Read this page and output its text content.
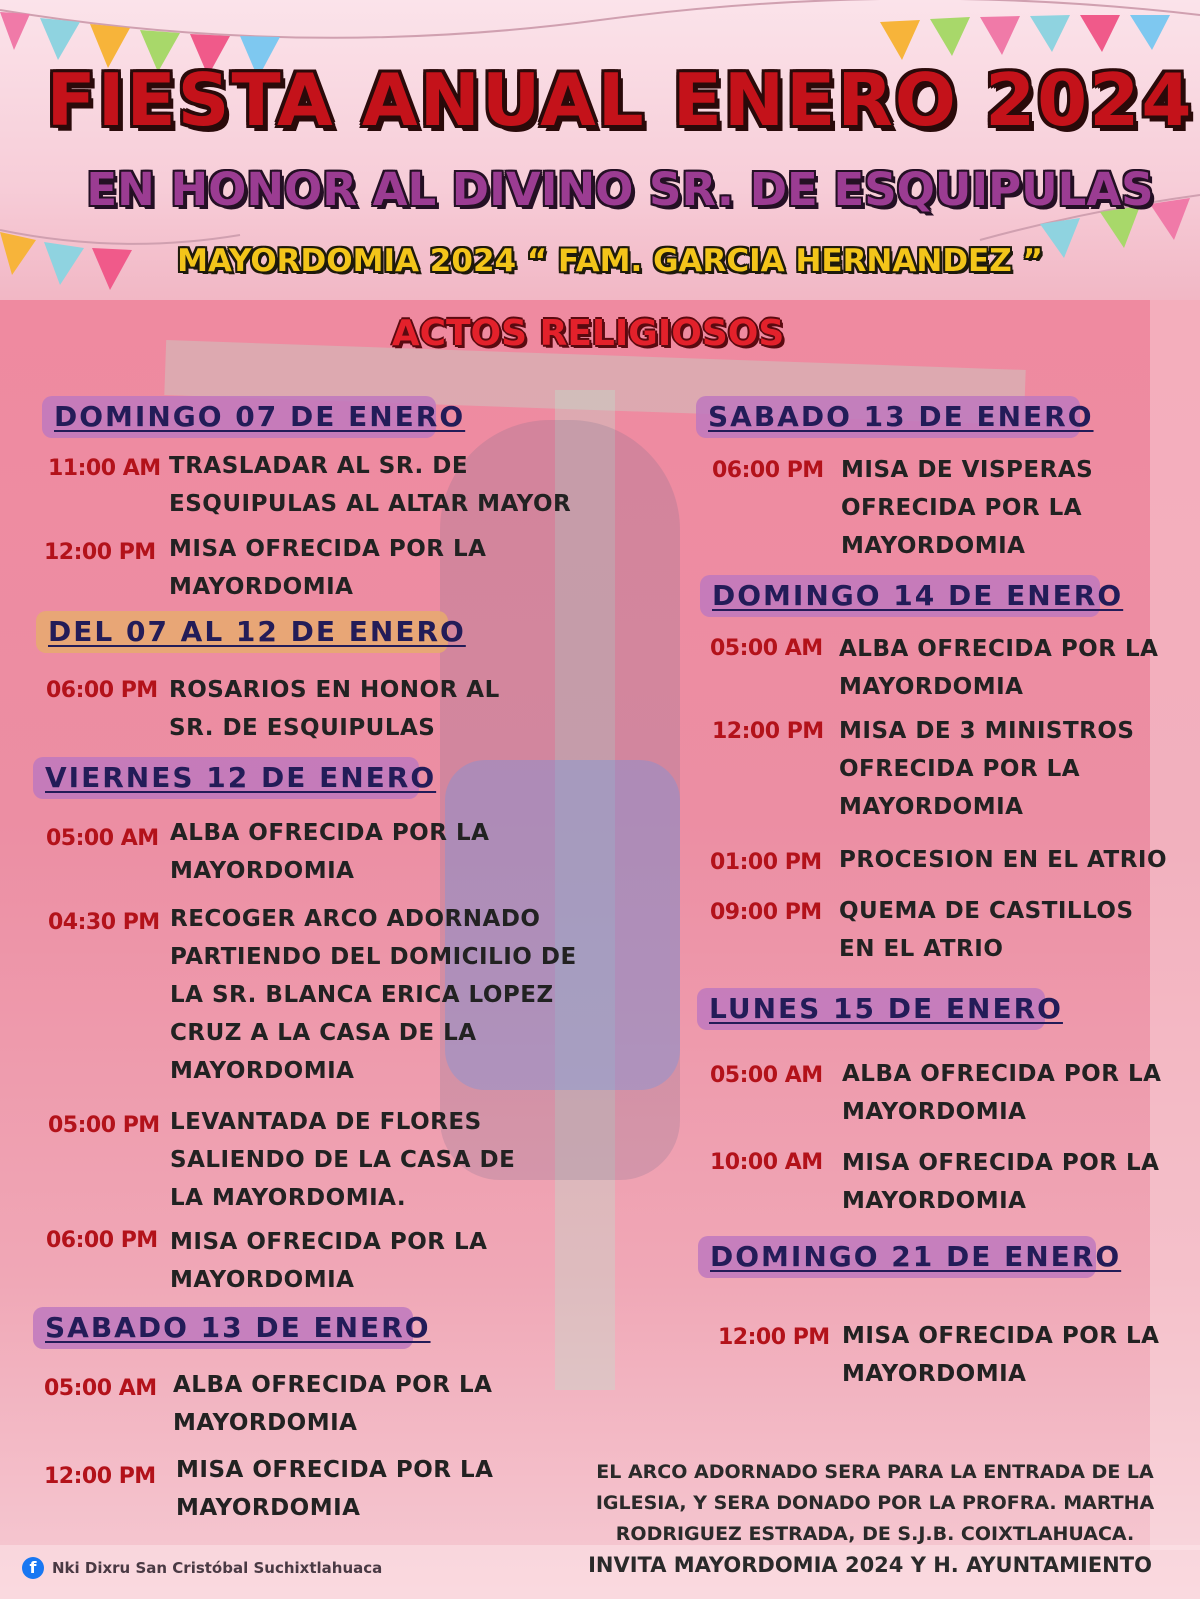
FIESTA ANUAL ENERO 2024
EN HONOR AL DIVINO SR. DE ESQUIPULAS
MAYORDOMIA 2024 “ FAM. GARCIA HERNANDEZ ”
ACTOS RELIGIOSOS
DOMINGO 07 DE ENERO
11:00 AM TRASLADAR AL SR. DE
ESQUIPULAS AL ALTAR MAYOR
12:00 PM MISA OFRECIDA POR LA
MAYORDOMIA
DEL 07 AL 12 DE ENERO
06:00 PM ROSARIOS EN HONOR AL
SR. DE ESQUIPULAS
VIERNES 12 DE ENERO
05:00 AM ALBA OFRECIDA POR LA
MAYORDOMIA
04:30 PM RECOGER ARCO ADORNADO
PARTIENDO DEL DOMICILIO DE
LA SR. BLANCA ERICA LOPEZ
CRUZ A LA CASA DE LA
MAYORDOMIA
05:00 PM LEVANTADA DE FLORES
SALIENDO DE LA CASA DE
LA MAYORDOMIA.
06:00 PM MISA OFRECIDA POR LA
MAYORDOMIA
SABADO 13 DE ENERO
05:00 AM ALBA OFRECIDA POR LA
MAYORDOMIA
12:00 PM MISA OFRECIDA POR LA
MAYORDOMIA
SABADO 13 DE ENERO
06:00 PM MISA DE VISPERAS
OFRECIDA POR LA
MAYORDOMIA
DOMINGO 14 DE ENERO
05:00 AM ALBA OFRECIDA POR LA
MAYORDOMIA
12:00 PM MISA DE 3 MINISTROS
OFRECIDA POR LA
MAYORDOMIA
01:00 PM PROCESION EN EL ATRIO
09:00 PM QUEMA DE CASTILLOS
EN EL ATRIO
LUNES 15 DE ENERO
05:00 AM ALBA OFRECIDA POR LA
MAYORDOMIA
10:00 AM MISA OFRECIDA POR LA
MAYORDOMIA
DOMINGO 21 DE ENERO
12:00 PM MISA OFRECIDA POR LA
MAYORDOMIA

EL ARCO ADORNADO SERA PARA LA ENTRADA DE LA
IGLESIA, Y SERA DONADO POR LA PROFRA. MARTHA
RODRIGUEZ ESTRADA, DE S.J.B. COIXTLAHUACA.

INVITA MAYORDOMIA 2024 Y H. AYUNTAMIENTO
f	Nki Dixru San Cristóbal Suchixtlahuaca
